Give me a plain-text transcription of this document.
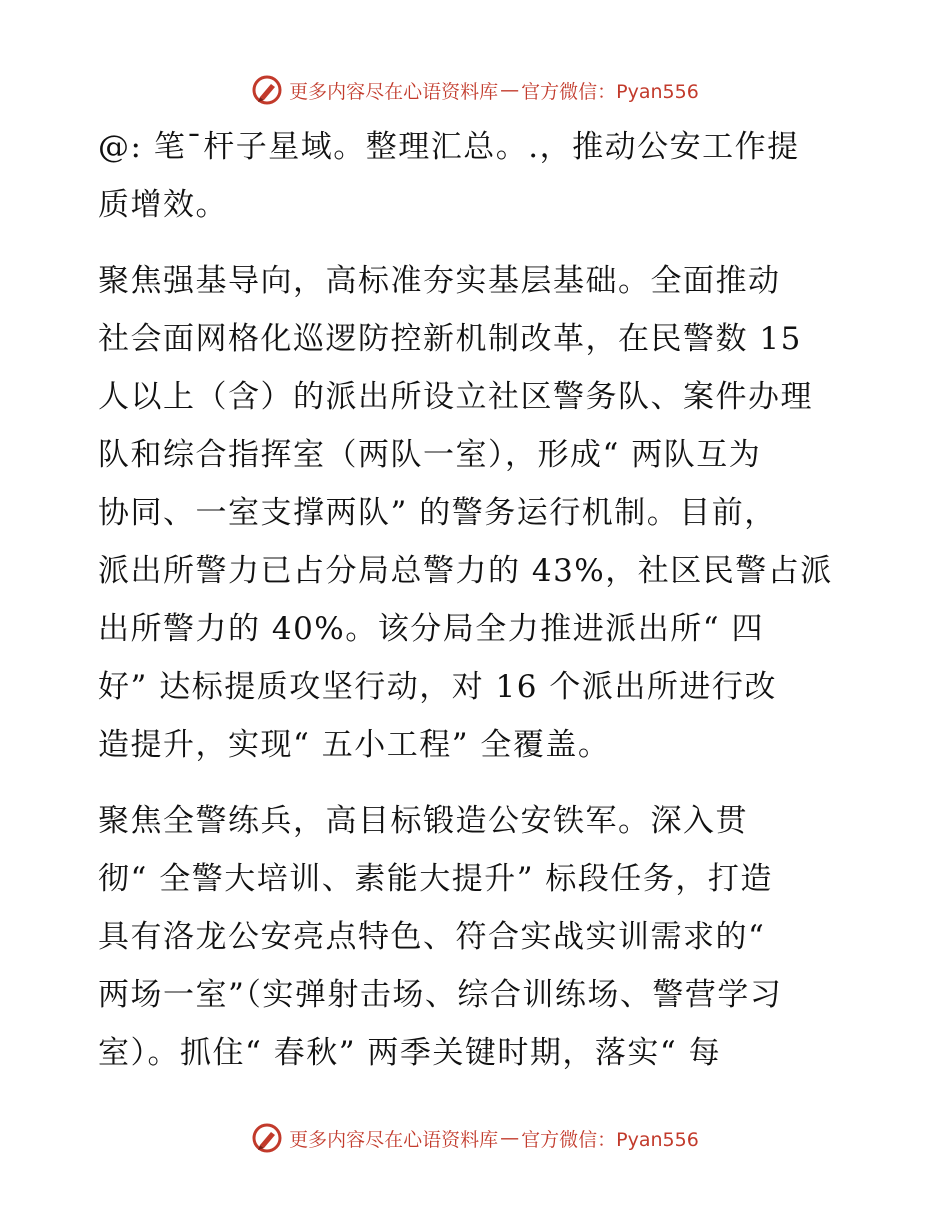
更多内容尽在心语资料库 — 官方微信：Pyan556

@: 笔¯杆子星域。整理汇总。.，推动公安工作提
质增效。

聚焦强基导向，高标准夯实基层基础。全面推动
社会面网格化巡逻防控新机制改革，在民警数 15
人以上（含）的派出所设立社区警务队、案件办理
队和综合指挥室（两队一室），形成“ 两队互为
协同、一室支撑两队” 的警务运行机制。目前，
派出所警力已占分局总警力的 43%，社区民警占派
出所警力的 40%。该分局全力推进派出所“ 四
好” 达标提质攻坚行动，对 16 个派出所进行改
造提升，实现“ 五小工程” 全覆盖。

聚焦全警练兵，高目标锻造公安铁军。深入贯
彻“ 全警大培训、素能大提升” 标段任务，打造
具有洛龙公安亮点特色、符合实战实训需求的“
两场一室”（实弹射击场、综合训练场、警营学习
室）。抓住“ 春秋” 两季关键时期，落实“ 每

更多内容尽在心语资料库 — 官方微信：Pyan556
